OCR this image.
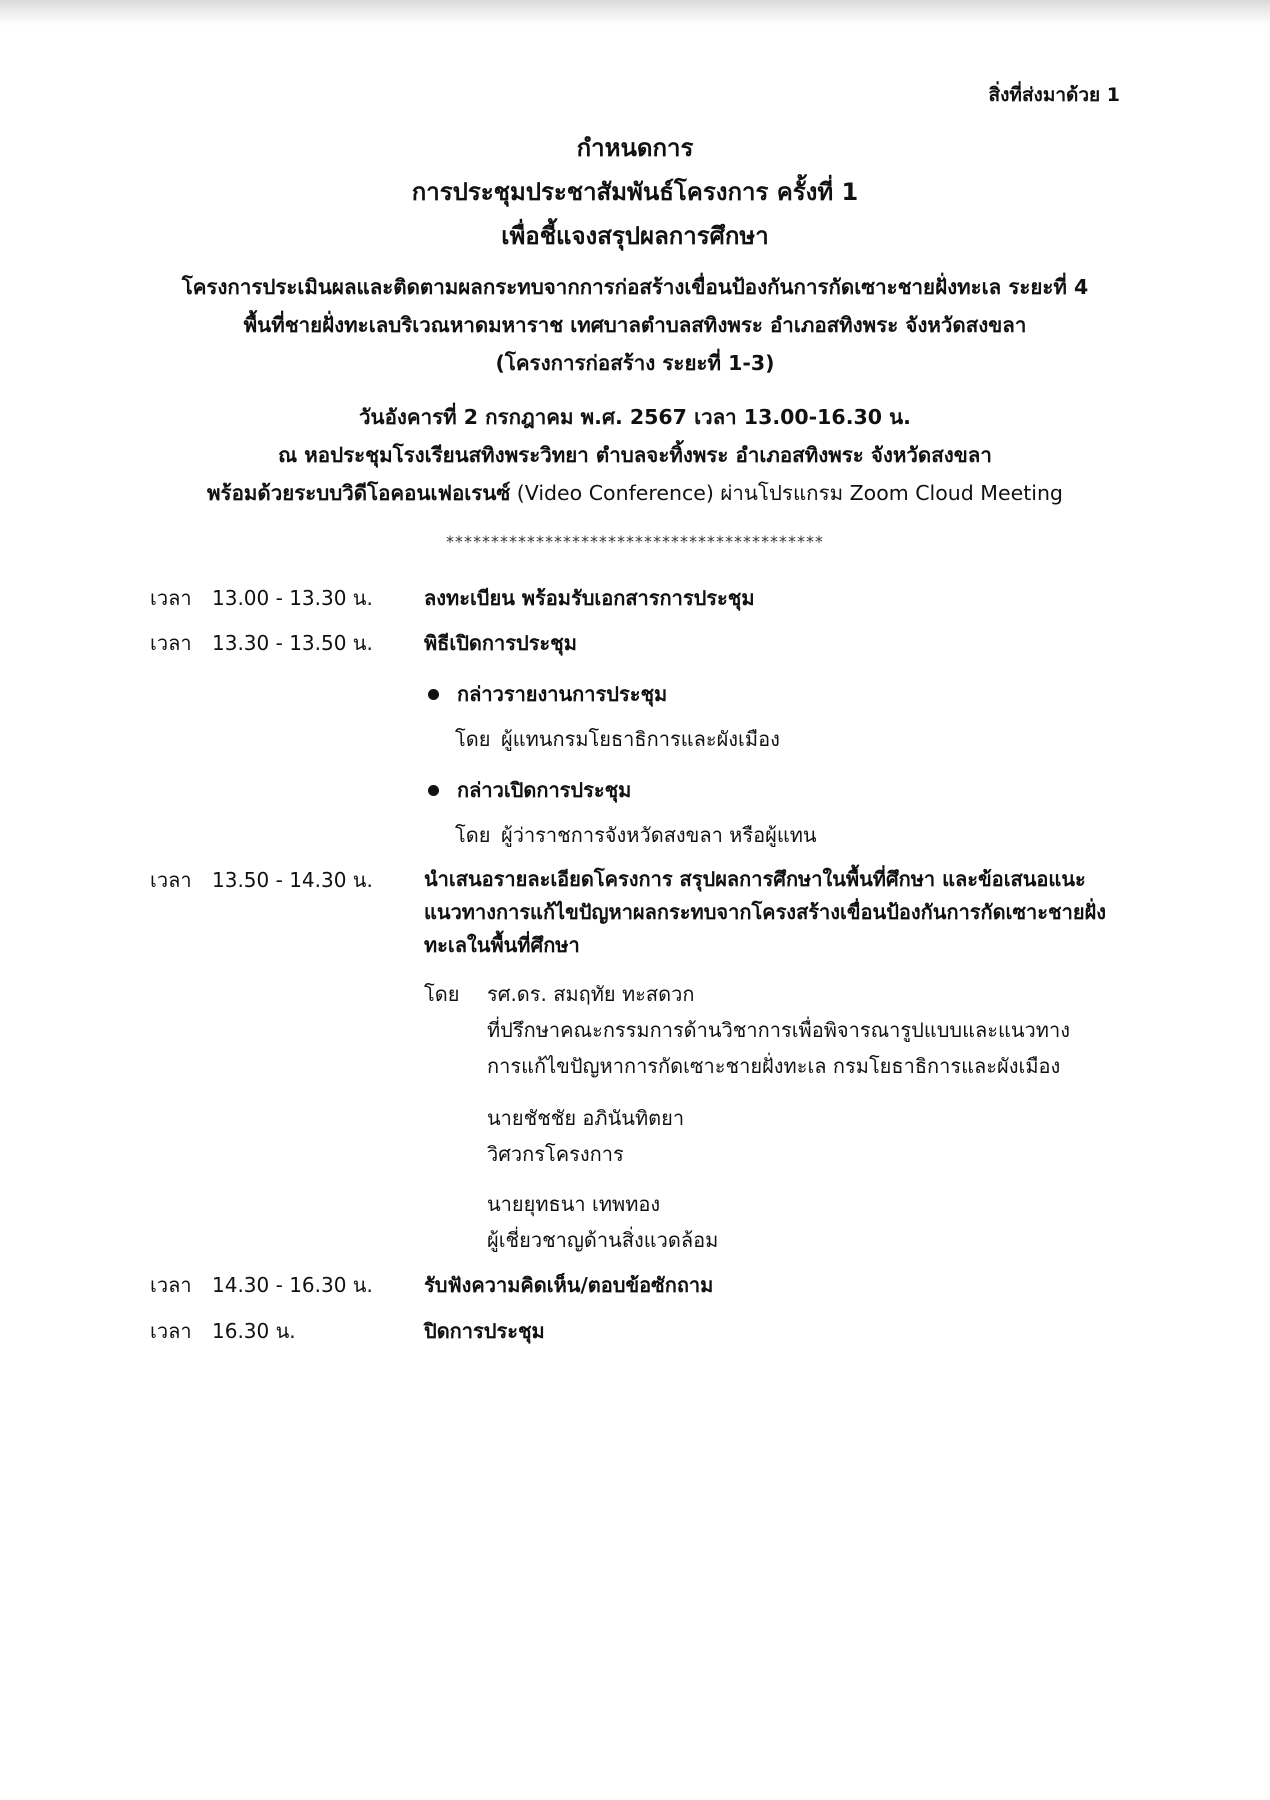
สิ่งที่ส่งมาด้วย 1
กำหนดการ
การประชุมประชาสัมพันธ์โครงการ ครั้งที่ 1
เพื่อชี้แจงสรุปผลการศึกษา
โครงการประเมินผลและติดตามผลกระทบจากการก่อสร้างเขื่อนป้องกันการกัดเซาะชายฝั่งทะเล ระยะที่ 4
พื้นที่ชายฝั่งทะเลบริเวณหาดมหาราช เทศบาลตำบลสทิงพระ อำเภอสทิงพระ จังหวัดสงขลา
(โครงการก่อสร้าง ระยะที่ 1-3)
วันอังคารที่ 2 กรกฎาคม พ.ศ. 2567 เวลา 13.00-16.30 น.
ณ หอประชุมโรงเรียนสทิงพระวิทยา ตำบลจะทิ้งพระ อำเภอสทิงพระ จังหวัดสงขลา
พร้อมด้วยระบบวิดีโอคอนเฟอเรนซ์ (Video Conference) ผ่านโปรแกรม Zoom Cloud Meeting
******************************************
เวลา 13.00 - 13.30 น.	ลงทะเบียน พร้อมรับเอกสารการประชุม
เวลา 13.30 - 13.50 น.	พิธีเปิดการประชุม
กล่าวรายงานการประชุม
โดย ผู้แทนกรมโยธาธิการและผังเมือง
กล่าวเปิดการประชุม
โดย ผู้ว่าราชการจังหวัดสงขลา หรือผู้แทน
เวลา 13.50 - 14.30 น.	นำเสนอรายละเอียดโครงการ สรุปผลการศึกษาในพื้นที่ศึกษา และข้อเสนอแนะ
แนวทางการแก้ไขปัญหาผลกระทบจากโครงสร้างเขื่อนป้องกันการกัดเซาะชายฝั่ง
ทะเลในพื้นที่ศึกษา
โดย รศ.ดร. สมฤทัย ทะสดวก
ที่ปรึกษาคณะกรรมการด้านวิชาการเพื่อพิจารณารูปแบบและแนวทาง
การแก้ไขปัญหาการกัดเซาะชายฝั่งทะเล กรมโยธาธิการและผังเมือง
นายชัชชัย อภินันทิตยา
วิศวกรโครงการ
นายยุทธนา เทพทอง
ผู้เชี่ยวชาญด้านสิ่งแวดล้อม
เวลา 14.30 - 16.30 น.	รับฟังความคิดเห็น/ตอบข้อซักถาม
เวลา 16.30 น.	ปิดการประชุม
